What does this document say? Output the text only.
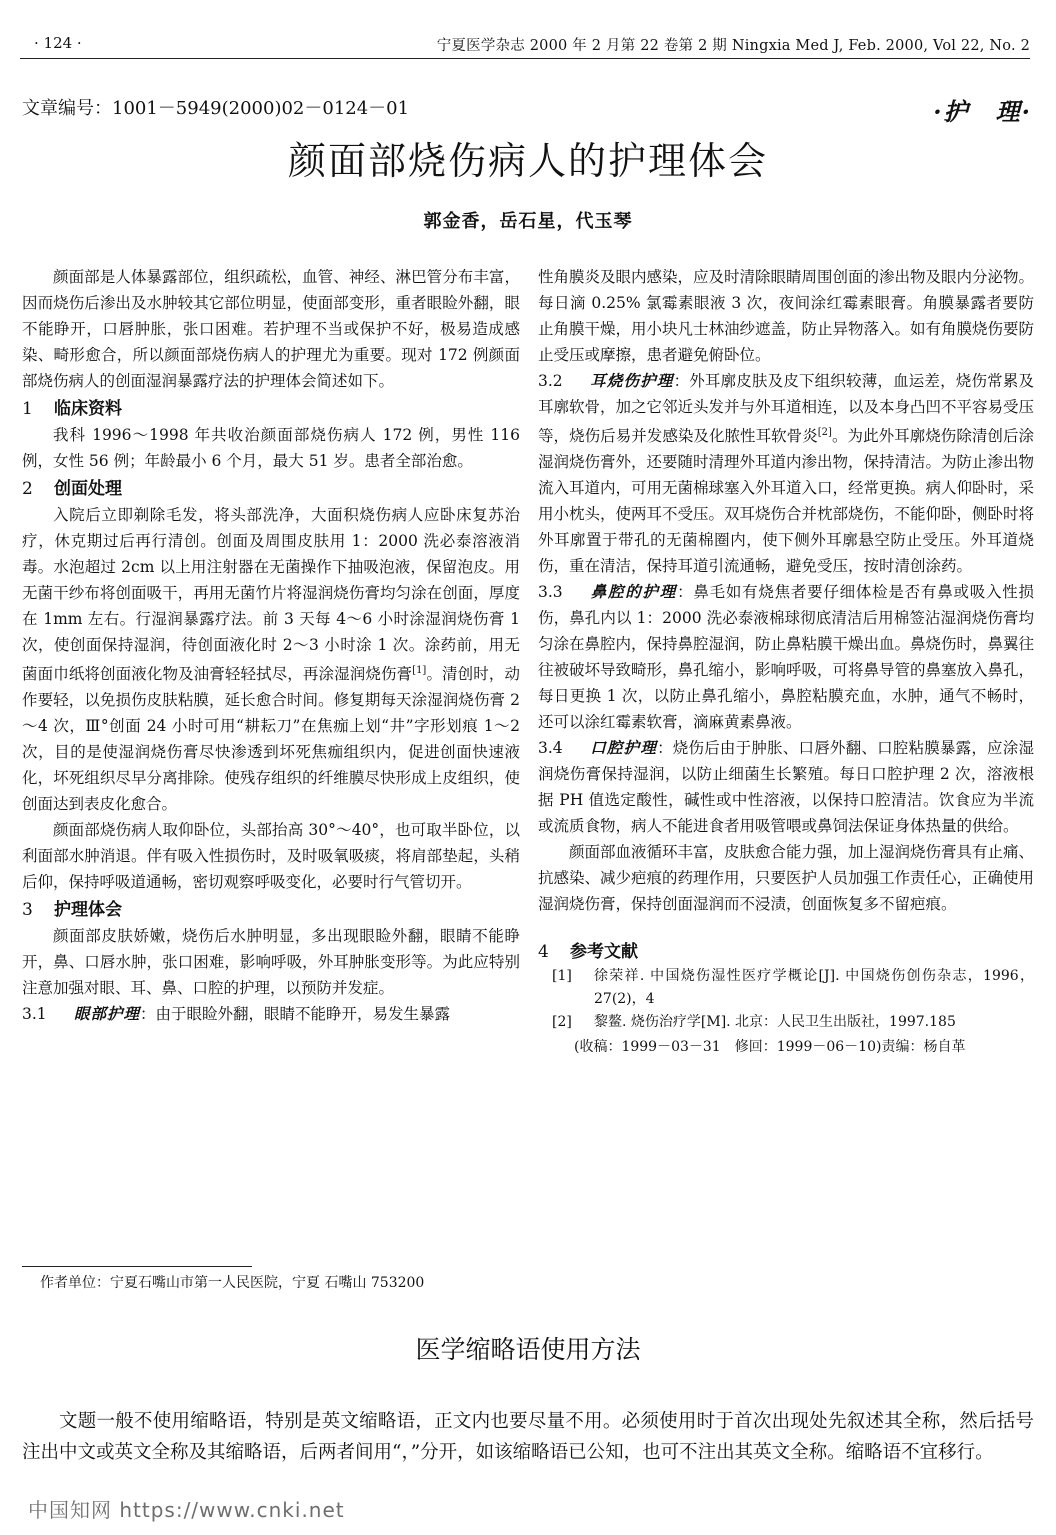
· 124 ·	宁夏医学杂志 2000 年 2 月第 22 卷第 2 期 Ningxia Med J, Feb. 2000, Vol 22, No. 2
文章编号：1001－5949(2000)02－0124－01	·护　理·
颜面部烧伤病人的护理体会
郭金香，岳石星，代玉琴

颜面部是人体暴露部位，组织疏松，血管、神经、淋巴管分布丰富，因而烧伤后渗出及水肿较其它部位明显，使面部变形，重者眼睑外翻，眼不能睁开，口唇肿胀，张口困难。若护理不当或保护不好，极易造成感染、畸形愈合，所以颜面部烧伤病人的护理尤为重要。现对 172 例颜面部烧伤病人的创面湿润暴露疗法的护理体会简述如下。

1 临床资料

我科 1996～1998 年共收治颜面部烧伤病人 172 例，男性 116 例，女性 56 例；年龄最小 6 个月，最大 51 岁。患者全部治愈。

2 创面处理

入院后立即剃除毛发，将头部洗净，大面积烧伤病人应卧床复苏治疗，休克期过后再行清创。创面及周围皮肤用 1：2000 洗必泰溶液消毒。水泡超过 2cm 以上用注射器在无菌操作下抽吸泡液，保留泡皮。用无菌干纱布将创面吸干，再用无菌竹片将湿润烧伤膏均匀涂在创面，厚度在 1mm 左右。行湿润暴露疗法。前 3 天每 4～6 小时涂湿润烧伤膏 1 次，使创面保持湿润，待创面液化时 2～3 小时涂 1 次。涂药前，用无菌面巾纸将创面液化物及油膏轻轻拭尽，再涂湿润烧伤膏[1]。清创时，动作要轻，以免损伤皮肤粘膜，延长愈合时间。修复期每天涂湿润烧伤膏 2～4 次，Ⅲ°创面 24 小时可用“耕耘刀”在焦痂上划“井”字形划痕 1～2 次，目的是使湿润烧伤膏尽快渗透到坏死焦痂组织内，促进创面快速液化，坏死组织尽早分离排除。使残存组织的纤维膜尽快形成上皮组织，使创面达到表皮化愈合。

颜面部烧伤病人取仰卧位，头部抬高 30°～40°，也可取半卧位，以利面部水肿消退。伴有吸入性损伤时，及时吸氧吸痰，将肩部垫起，头稍后仰，保持呼吸道通畅，密切观察呼吸变化，必要时行气管切开。

3 护理体会

颜面部皮肤娇嫩，烧伤后水肿明显，多出现眼睑外翻，眼睛不能睁开，鼻、口唇水肿，张口困难，影响呼吸，外耳肿胀变形等。为此应特别注意加强对眼、耳、鼻、口腔的护理，以预防并发症。

3.1 眼部护理：由于眼睑外翻，眼睛不能睁开，易发生暴露

性角膜炎及眼内感染，应及时清除眼睛周围创面的渗出物及眼内分泌物。每日滴 0.25% 氯霉素眼液 3 次，夜间涂红霉素眼膏。角膜暴露者要防止角膜干燥，用小块凡士林油纱遮盖，防止异物落入。如有角膜烧伤要防止受压或摩擦，患者避免俯卧位。

3.2 耳烧伤护理：外耳廓皮肤及皮下组织较薄，血运差，烧伤常累及耳廓软骨，加之它邻近头发并与外耳道相连，以及本身凸凹不平容易受压等，烧伤后易并发感染及化脓性耳软骨炎[2]。为此外耳廓烧伤除清创后涂湿润烧伤膏外，还要随时清理外耳道内渗出物，保持清洁。为防止渗出物流入耳道内，可用无菌棉球塞入外耳道入口，经常更换。病人仰卧时，采用小枕头，使两耳不受压。双耳烧伤合并枕部烧伤，不能仰卧，侧卧时将外耳廓置于带孔的无菌棉圈内，使下侧外耳廓悬空防止受压。外耳道烧伤，重在清洁，保持耳道引流通畅，避免受压，按时清创涂药。

3.3 鼻腔的护理：鼻毛如有烧焦者要仔细体检是否有鼻或吸入性损伤，鼻孔内以 1：2000 洗必泰液棉球彻底清洁后用棉签沾湿润烧伤膏均匀涂在鼻腔内，保持鼻腔湿润，防止鼻粘膜干燥出血。鼻烧伤时，鼻翼往往被破坏导致畸形，鼻孔缩小，影响呼吸，可将鼻导管的鼻塞放入鼻孔，每日更换 1 次，以防止鼻孔缩小，鼻腔粘膜充血，水肿，通气不畅时，还可以涂红霉素软膏，滴麻黄素鼻液。

3.4 口腔护理：烧伤后由于肿胀、口唇外翻、口腔粘膜暴露，应涂湿润烧伤膏保持湿润，以防止细菌生长繁殖。每日口腔护理 2 次，溶液根据 PH 值选定酸性，碱性或中性溶液，以保持口腔清洁。饮食应为半流或流质食物，病人不能进食者用吸管喂或鼻饲法保证身体热量的供给。

颜面部血液循环丰富，皮肤愈合能力强，加上湿润烧伤膏具有止痛、抗感染、减少疤痕的药理作用，只要医护人员加强工作责任心，正确使用湿润烧伤膏，保持创面湿润而不浸渍，创面恢复多不留疤痕。

4 参考文献
[1] 徐荣祥. 中国烧伤湿性医疗学概论[J]. 中国烧伤创伤杂志，1996，27(2)，4
[2] 黎鳌. 烧伤治疗学[M]. 北京：人民卫生出版社，1997.185
(收稿：1999－03－31　修回：1999－06－10)责编：杨自革
作者单位：宁夏石嘴山市第一人民医院，宁夏 石嘴山 753200
医学缩略语使用方法

文题一般不使用缩略语，特别是英文缩略语，正文内也要尽量不用。必须使用时于首次出现处先叙述其全称，然后括号注出中文或英文全称及其缩略语，后两者间用“，”分开，如该缩略语已公知，也可不注出其英文全称。缩略语不宜移行。

中国知网 https://www.cnki.net
